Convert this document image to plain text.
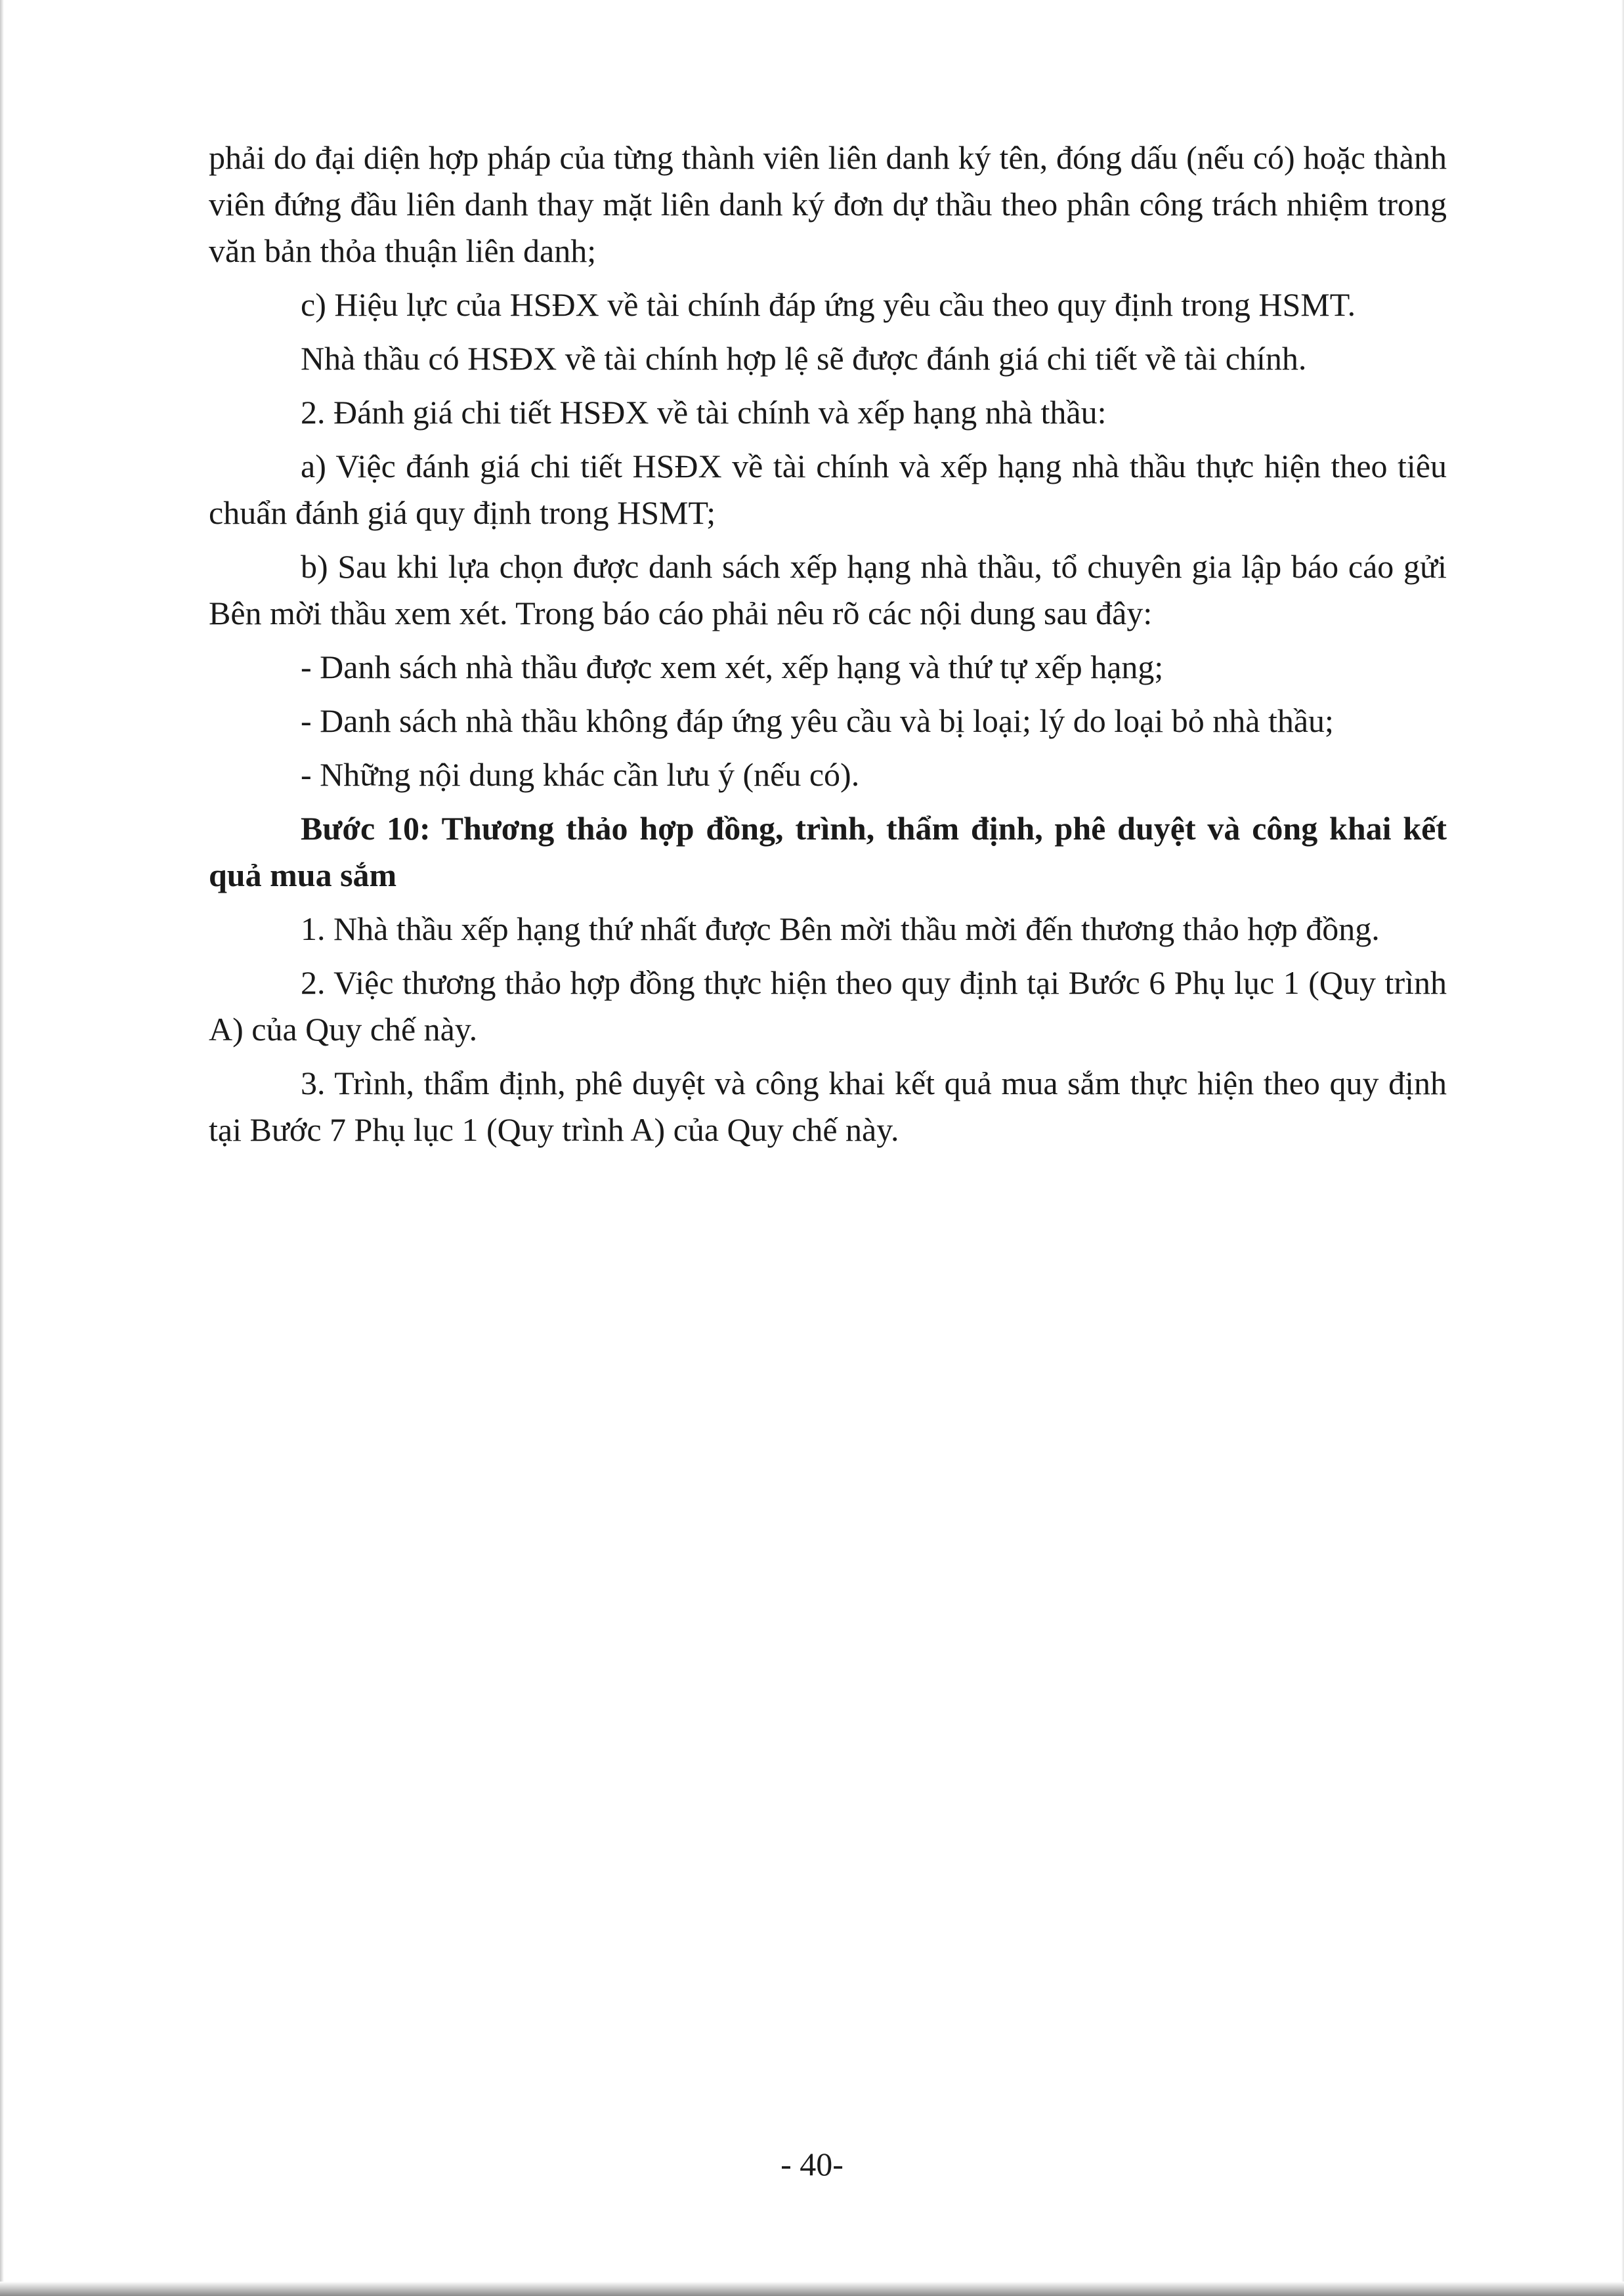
phải do đại diện hợp pháp của từng thành viên liên danh ký tên, đóng dấu (nếu có) hoặc thành viên đứng đầu liên danh thay mặt liên danh ký đơn dự thầu theo phân công trách nhiệm trong văn bản thỏa thuận liên danh;

c) Hiệu lực của HSĐX về tài chính đáp ứng yêu cầu theo quy định trong HSMT.

Nhà thầu có HSĐX về tài chính hợp lệ sẽ được đánh giá chi tiết về tài chính.

2. Đánh giá chi tiết HSĐX về tài chính và xếp hạng nhà thầu:

a) Việc đánh giá chi tiết HSĐX về tài chính và xếp hạng nhà thầu thực hiện theo tiêu chuẩn đánh giá quy định trong HSMT;

b) Sau khi lựa chọn được danh sách xếp hạng nhà thầu, tổ chuyên gia lập báo cáo gửi Bên mời thầu xem xét. Trong báo cáo phải nêu rõ các nội dung sau đây:

- Danh sách nhà thầu được xem xét, xếp hạng và thứ tự xếp hạng;

- Danh sách nhà thầu không đáp ứng yêu cầu và bị loại; lý do loại bỏ nhà thầu;

- Những nội dung khác cần lưu ý (nếu có).

Bước 10: Thương thảo hợp đồng, trình, thẩm định, phê duyệt và công khai kết quả mua sắm

1. Nhà thầu xếp hạng thứ nhất được Bên mời thầu mời đến thương thảo hợp đồng.

2. Việc thương thảo hợp đồng thực hiện theo quy định tại Bước 6 Phụ lục 1 (Quy trình A) của Quy chế này.

3. Trình, thẩm định, phê duyệt và công khai kết quả mua sắm thực hiện theo quy định tại Bước 7 Phụ lục 1 (Quy trình A) của Quy chế này.

- 40-
